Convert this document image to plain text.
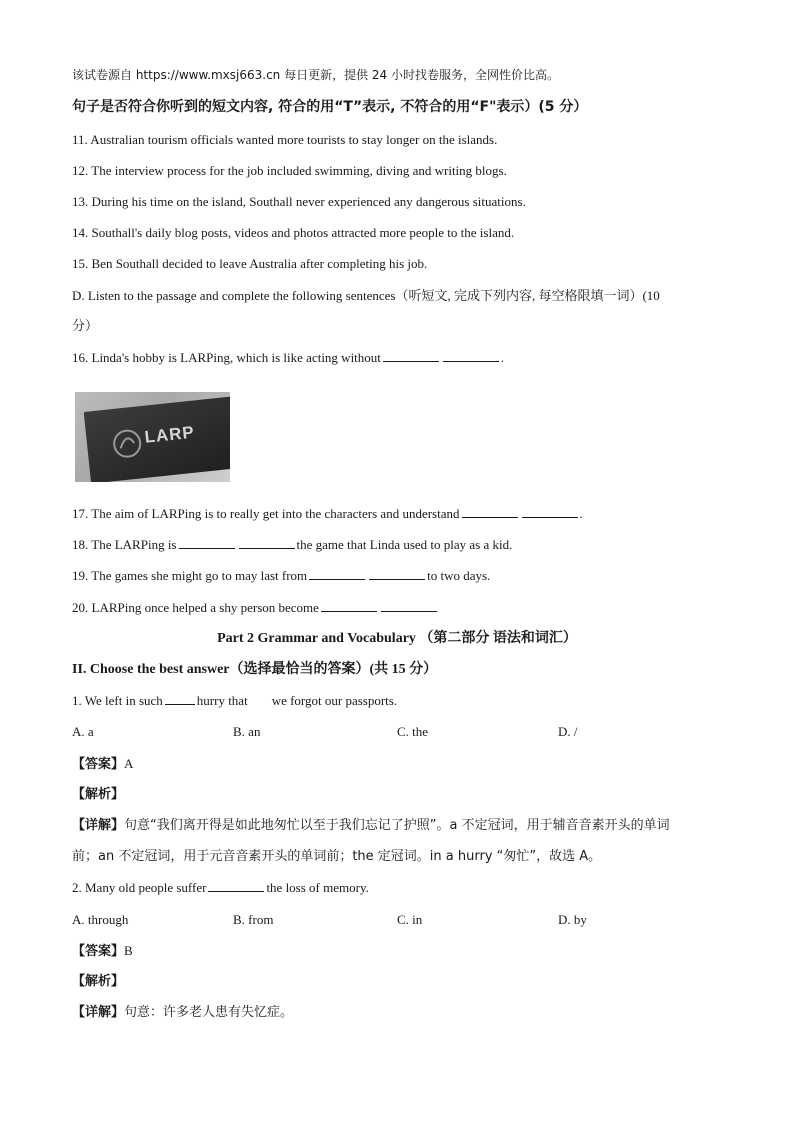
该试卷源自 https://www.mxsj663.cn 每日更新，提供 24 小时找卷服务，全网性价比高。
句子是否符合你听到的短文内容, 符合的用“T”表示, 不符合的用“F"表示）(5 分）
11. Australian tourism officials wanted more tourists to stay longer on the islands.
12. The interview process for the job included swimming, diving and writing blogs.
13. During his time on the island, Southall never experienced any dangerous situations.
14. Southall's daily blog posts, videos and photos attracted more people to the island.
15. Ben Southall decided to leave Australia after completing his job.
D. Listen to the passage and complete the following sentences（听短文, 完成下列内容, 每空格限填一词）(10
分）
16. Linda's hobby is LARPing, which is like acting without	.
LARP
17. The aim of LARPing is to really get into the characters and understand	.
18. The LARPing is	the game that Linda used to play as a kid.
19. The games she might go to may last from	to two days.
20. LARPing once helped a shy person become
Part 2 Grammar and Vocabulary （第二部分 语法和词汇）
II. Choose the best answer（选择最恰当的答案）(共 15 分）
1. We left in such	hurry that we forgot our passports.
A. a	B. an	C. the	D. /
【答案】A
【解析】
【详解】句意“我们离开得是如此地匆忙以至于我们忘记了护照”。a 不定冠词，用于辅音音素开头的单词
前；an 不定冠词，用于元音音素开头的单词前；the 定冠词。in a hurry “匆忙”，故选 A。
2. Many old people suffer	the loss of memory.
A. through	B. from	C. in	D. by
【答案】B
【解析】
【详解】句意：许多老人患有失忆症。
